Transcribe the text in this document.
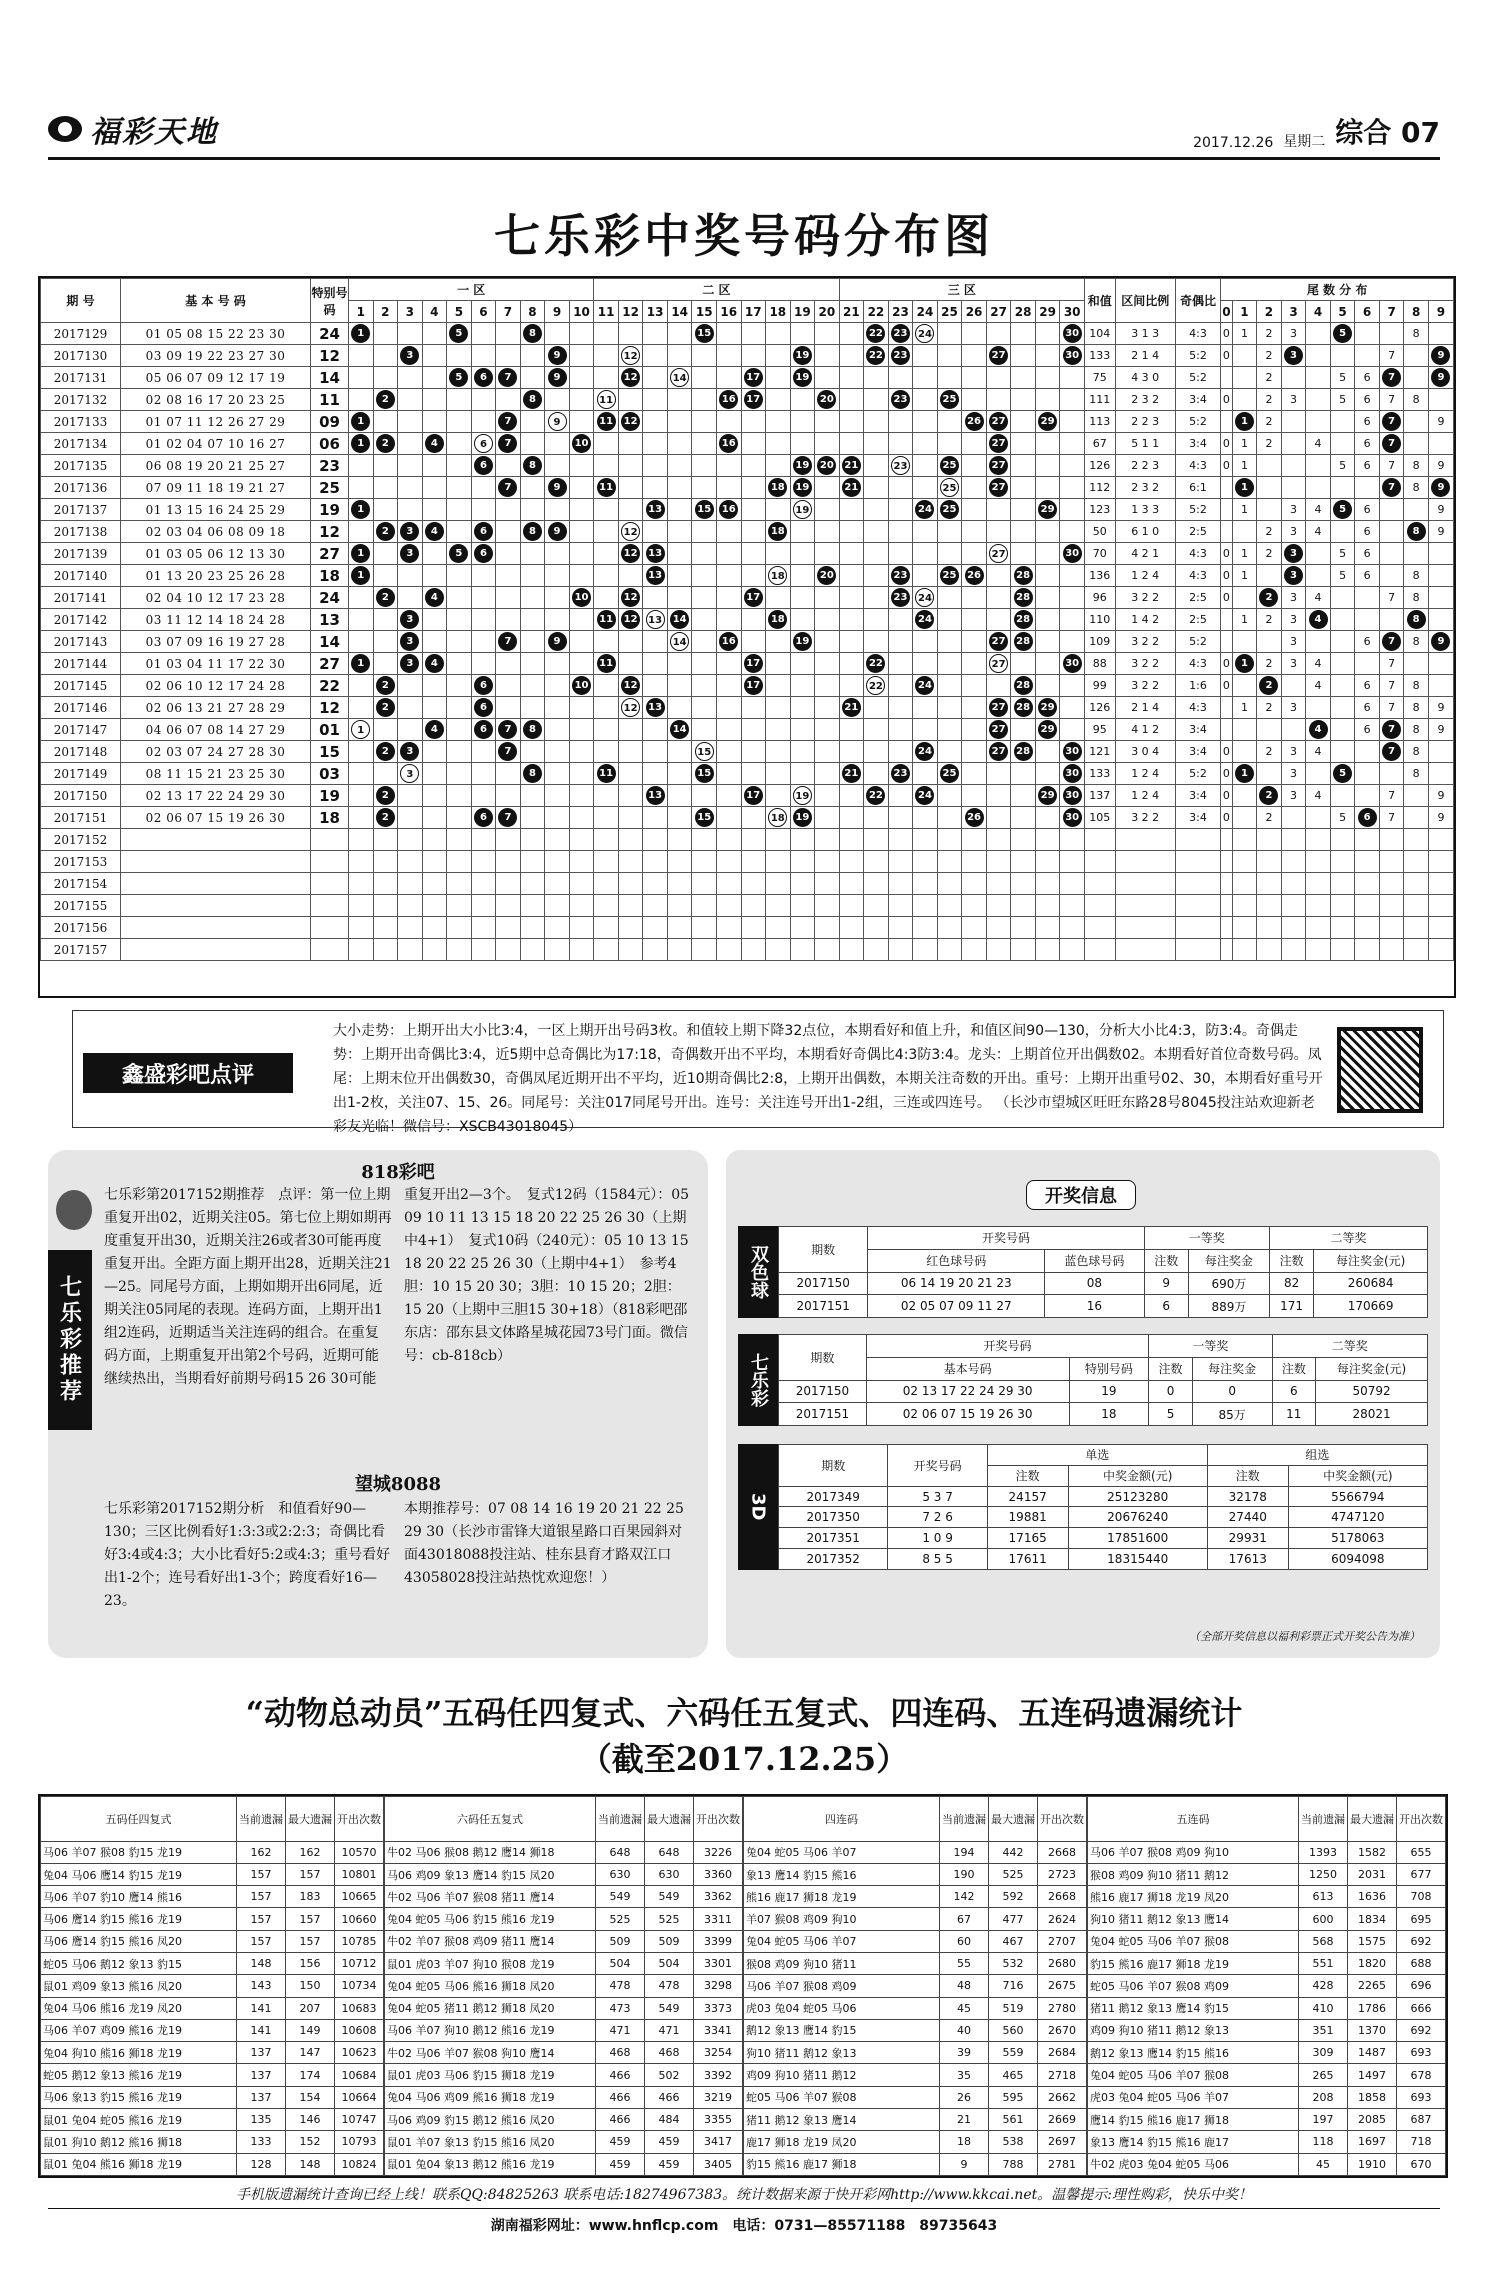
福彩天地	2017.12.26 星期二 综合 07
七乐彩中奖号码分布图
期 号	基 本 号 码	特别号码	一 区										二 区										三 区										和值	区间比例	奇偶比	尾 数 分 布									
			1	2	3	4	5	6	7	8	9	10	11	12	13	14	15	16	17	18	19	20	21	22	23	24	25	26	27	28	29	30				0	1	2	3	4	5	6	7	8	9
2017129	01 05 08 15 22 23 30	24	1				5			8							15							22	23	24						30	104	3 1 3	4:3	0	1	2	3		5			8	
2017130	03 09 19 22 23 27 30	12			3						9			12							19			22	23				27			30	133	2 1 4	5:2	0		2	3				7		9
2017131	05 06 07 09 12 17 19	14					5	6	7		9			12		14			17		19												75	4 3 0	5:2			2			5	6	7		9
2017132	02 08 16 17 20 23 25	11		2						8			11					16	17			20			23		25						111	2 3 2	3:4	0		2	3		5	6	7	8	
2017133	01 07 11 12 26 27 29	09	1						7		9		11	12														26	27		29		113	2 2 3	5:2		1	2				6	7		9
2017134	01 02 04 07 10 16 27	06	1	2		4		6	7			10						16											27				67	5 1 1	3:4	0	1	2		4		6	7		
2017135	06 08 19 20 21 25 27	23						6		8											19	20	21		23		25		27				126	2 2 3	4:3	0	1				5	6	7	8	9
2017136	07 09 11 18 19 21 27	25							7		9		11							18	19		21				25		27				112	2 3 2	6:1		1						7	8	9
2017137	01 13 15 16 24 25 29	19	1												13		15	16			19					24	25				29		123	1 3 3	5:2		1		3	4	5	6			9
2017138	02 03 04 06 08 09 18	12		2	3	4		6		8	9			12						18													50	6 1 0	2:5			2	3	4		6		8	9
2017139	01 03 05 06 12 13 30	27	1		3		5	6						12	13														27			30	70	4 2 1	4:3	0	1	2	3		5	6			
2017140	01 13 20 23 25 26 28	18	1												13					18		20			23		25	26		28			136	1 2 4	4:3	0	1		3		5	6		8	
2017141	02 04 10 12 17 23 28	24		2		4						10		12					17						23	24				28			96	3 2 2	2:5	0		2	3	4			7	8	
2017142	03 11 12 14 18 24 28	13			3								11	12	13	14				18						24				28			110	1 4 2	2:5		1	2	3	4				8	
2017143	03 07 09 16 19 27 28	14			3				7		9					14		16			19								27	28			109	3 2 2	5:2				3			6	7	8	9
2017144	01 03 04 11 17 22 30	27	1		3	4							11						17					22					27			30	88	3 2 2	4:3	0	1	2	3	4			7		
2017145	02 06 10 12 17 24 28	22		2				6				10		12					17					22		24				28			99	3 2 2	1:6	0		2		4		6	7	8	
2017146	02 06 13 21 27 28 29	12		2				6						12	13								21						27	28	29		126	2 1 4	4:3		1	2	3			6	7	8	9
2017147	04 06 07 08 14 27 29	01	1			4		6	7	8						14													27		29		95	4 1 2	3:4					4		6	7	8	9
2017148	02 03 07 24 27 28 30	15		2	3				7								15									24			27	28		30	121	3 0 4	3:4	0		2	3	4			7	8	
2017149	08 11 15 21 23 25 30	03			3					8			11				15						21		23		25					30	133	1 2 4	5:2	0	1		3		5			8	
2017150	02 13 17 22 24 29 30	19		2											13				17		19			22		24					29	30	137	1 2 4	3:4	0		2	3	4			7		9
2017151	02 06 07 15 19 26 30	18		2				6	7								15			18	19							26				30	105	3 2 2	3:4	0		2			5	6	7		9
2017152																																													
2017153																																													
2017154																																													
2017155																																													
2017156																																													
2017157																																													
鑫盛彩吧点评
大小走势：上期开出大小比3:4，一区上期开出号码3枚。和值较上期下降32点位，本期看好和值上升，和值区间90—130，分析大小比4:3，防3:4。奇偶走势：上期开出奇偶比3:4，近5期中总奇偶比为17:18，奇偶数开出不平均，本期看好奇偶比4:3防3:4。龙头：上期首位开出偶数02。本期看好首位奇数号码。凤尾：上期末位开出偶数30，奇偶凤尾近期开出不平均，近10期奇偶比2:8，上期开出偶数，本期关注奇数的开出。重号：上期开出重号02、30，本期看好重号开出1-2枚，关注07、15、26。同尾号：关注017同尾号开出。连号：关注连号开出1-2组，三连或四连号。 （长沙市望城区旺旺东路28号8045投注站欢迎新老彩友光临！微信号：XSCB43018045）
七乐彩推荐
818彩吧
七乐彩第2017152期推荐　点评：第一位上期重复开出02，近期关注05。第七位上期如期再度重复开出30，近期关注26或者30可能再度重复开出。全距方面上期开出28，近期关注21—25。同尾号方面，上期如期开出6同尾，近期关注05同尾的表现。连码方面，上期开出1组2连码，近期适当关注连码的组合。在重复码方面，上期重复开出第2个号码，近期可能继续热出，当期看好前期号码15 26 30可能
重复开出2—3个。　复式12码（1584元）：05 09 10 11 13 15 18 20 22 25 26 30（上期中4+1）　复式10码（240元）：05 10 13 15 18 20 22 25 26 30（上期中4+1）　参考4胆：10 15 20 30；3胆：10 15 20；2胆：15 20（上期中三胆15 30+18）（818彩吧邵东店：邵东县文体路星城花园73号门面。微信号：cb-818cb）
望城8088
七乐彩第2017152期分析　和值看好90—130；三区比例看好1:3:3或2:2:3；奇偶比看好3:4或4:3；大小比看好5:2或4:3；重号看好出1-2个；连号看好出1-3个；跨度看好16—23。
本期推荐号：07 08 14 16 19 20 21 22 25 29 30（长沙市雷锋大道银星路口百果园斜对面43018088投注站、桂东县育才路双江口43058028投注站热忱欢迎您！）
开奖信息
双色球	期数	开奖号码		一等奖		二等奖	
	红色球号码	蓝色球号码	注数	每注奖金	注数	每注奖金(元)
2017150	06 14 19 20 21 23	08	9	690万	82	260684
2017151	02 05 07 09 11 27	16	6	889万	171	170669
七乐彩	期数	开奖号码		一等奖		二等奖	
	基本号码	特别号码	注数	每注奖金	注数	每注奖金(元)
2017150	02 13 17 22 24 29 30	19	0	0	6	50792
2017151	02 06 07 15 19 26 30	18	5	85万	11	28021
3D
期数	开奖号码	单选		组选	
		注数	中奖金额(元)	注数	中奖金额(元)
2017349	5 3 7	24157	25123280	32178	5566794
2017350	7 2 6	19881	20676240	27440	4747120
2017351	1 0 9	17165	17851600	29931	5178063
2017352	8 5 5	17611	18315440	17613	6094098
（全部开奖信息以福利彩票正式开奖公告为准）
“动物总动员”五码任四复式、六码任五复式、四连码、五连码遗漏统计
（截至2017.12.25）
五码任四复式	当前遗漏	最大遗漏	开出次数
马06 羊07 猴08 豹15 龙19	162	162	10570
兔04 马06 鹰14 豹15 龙19	157	157	10801
马06 羊07 豹10 鹰14 熊16	157	183	10665
马06 鹰14 豹15 熊16 龙19	157	157	10660
马06 鹰14 豹15 熊16 凤20	157	157	10785
蛇05 马06 鹅12 象13 豹15	148	156	10712
鼠01 鸡09 象13 熊16 凤20	143	150	10734
兔04 马06 熊16 龙19 凤20	141	207	10683
马06 羊07 鸡09 熊16 龙19	141	149	10608
兔04 狗10 熊16 狮18 龙19	137	147	10623
蛇05 鹅12 象13 熊16 龙19	137	174	10684
马06 象13 豹15 熊16 龙19	137	154	10664
鼠01 兔04 蛇05 熊16 龙19	135	146	10747
鼠01 狗10 鹅12 熊16 狮18	133	152	10793
鼠01 兔04 熊16 狮18 龙19	128	148	10824
六码任五复式	当前遗漏	最大遗漏	开出次数
牛02 马06 猴08 鹅12 鹰14 狮18	648	648	3226
马06 鸡09 象13 鹰14 豹15 凤20	630	630	3360
牛02 马06 羊07 猴08 猪11 鹰14	549	549	3362
兔04 蛇05 马06 豹15 熊16 龙19	525	525	3311
牛02 羊07 猴08 鸡09 猪11 鹰14	509	509	3399
鼠01 虎03 羊07 狗10 猴08 龙19	504	504	3301
兔04 蛇05 马06 熊16 狮18 凤20	478	478	3298
兔04 蛇05 猪11 鹅12 狮18 凤20	473	549	3373
马06 羊07 狗10 鹅12 熊16 龙19	471	471	3341
牛02 马06 羊07 猴08 狗10 鹰14	468	468	3254
鼠01 虎03 马06 豹15 狮18 龙19	466	502	3392
兔04 马06 鸡09 熊16 狮18 龙19	466	466	3219
马06 鸡09 豹15 鹅12 熊16 凤20	466	484	3355
鼠01 羊07 象13 豹15 熊16 凤20	459	459	3417
鼠01 兔04 象13 鹅12 熊16 龙19	459	459	3405
四连码	当前遗漏	最大遗漏	开出次数
兔04 蛇05 马06 羊07	194	442	2668
象13 鹰14 豹15 熊16	190	525	2723
熊16 鹿17 狮18 龙19	142	592	2668
羊07 猴08 鸡09 狗10	67	477	2624
兔04 蛇05 马06 羊07	60	467	2707
猴08 鸡09 狗10 猪11	55	532	2680
马06 羊07 猴08 鸡09	48	716	2675
虎03 兔04 蛇05 马06	45	519	2780
鹅12 象13 鹰14 豹15	40	560	2670
狗10 猪11 鹅12 象13	39	559	2684
鸡09 狗10 猪11 鹅12	35	465	2718
蛇05 马06 羊07 猴08	26	595	2662
猪11 鹅12 象13 鹰14	21	561	2669
鹿17 狮18 龙19 凤20	18	538	2697
豹15 熊16 鹿17 狮18	9	788	2781
五连码	当前遗漏	最大遗漏	开出次数
马06 羊07 猴08 鸡09 狗10	1393	1582	655
猴08 鸡09 狗10 猪11 鹅12	1250	2031	677
熊16 鹿17 狮18 龙19 凤20	613	1636	708
狗10 猪11 鹅12 象13 鹰14	600	1834	695
兔04 蛇05 马06 羊07 猴08	568	1575	692
豹15 熊16 鹿17 狮18 龙19	551	1820	688
蛇05 马06 羊07 猴08 鸡09	428	2265	696
猪11 鹅12 象13 鹰14 豹15	410	1786	666
鸡09 狗10 猪11 鹅12 象13	351	1370	692
鹅12 象13 鹰14 豹15 熊16	309	1487	693
兔04 蛇05 马06 羊07 猴08	265	1497	678
虎03 兔04 蛇05 马06 羊07	208	1858	693
鹰14 豹15 熊16 鹿17 狮18	197	2085	687
象13 鹰14 豹15 熊16 鹿17	118	1697	718
牛02 虎03 兔04 蛇05 马06	45	1910	670
手机版遗漏统计查询已经上线！联系QQ:84825263 联系电话:18274967383。统计数据来源于快开彩网http://www.kkcai.net。温馨提示:理性购彩，快乐中奖！
湖南福彩网址：www.hnflcp.com　电话：0731—85571188　89735643
